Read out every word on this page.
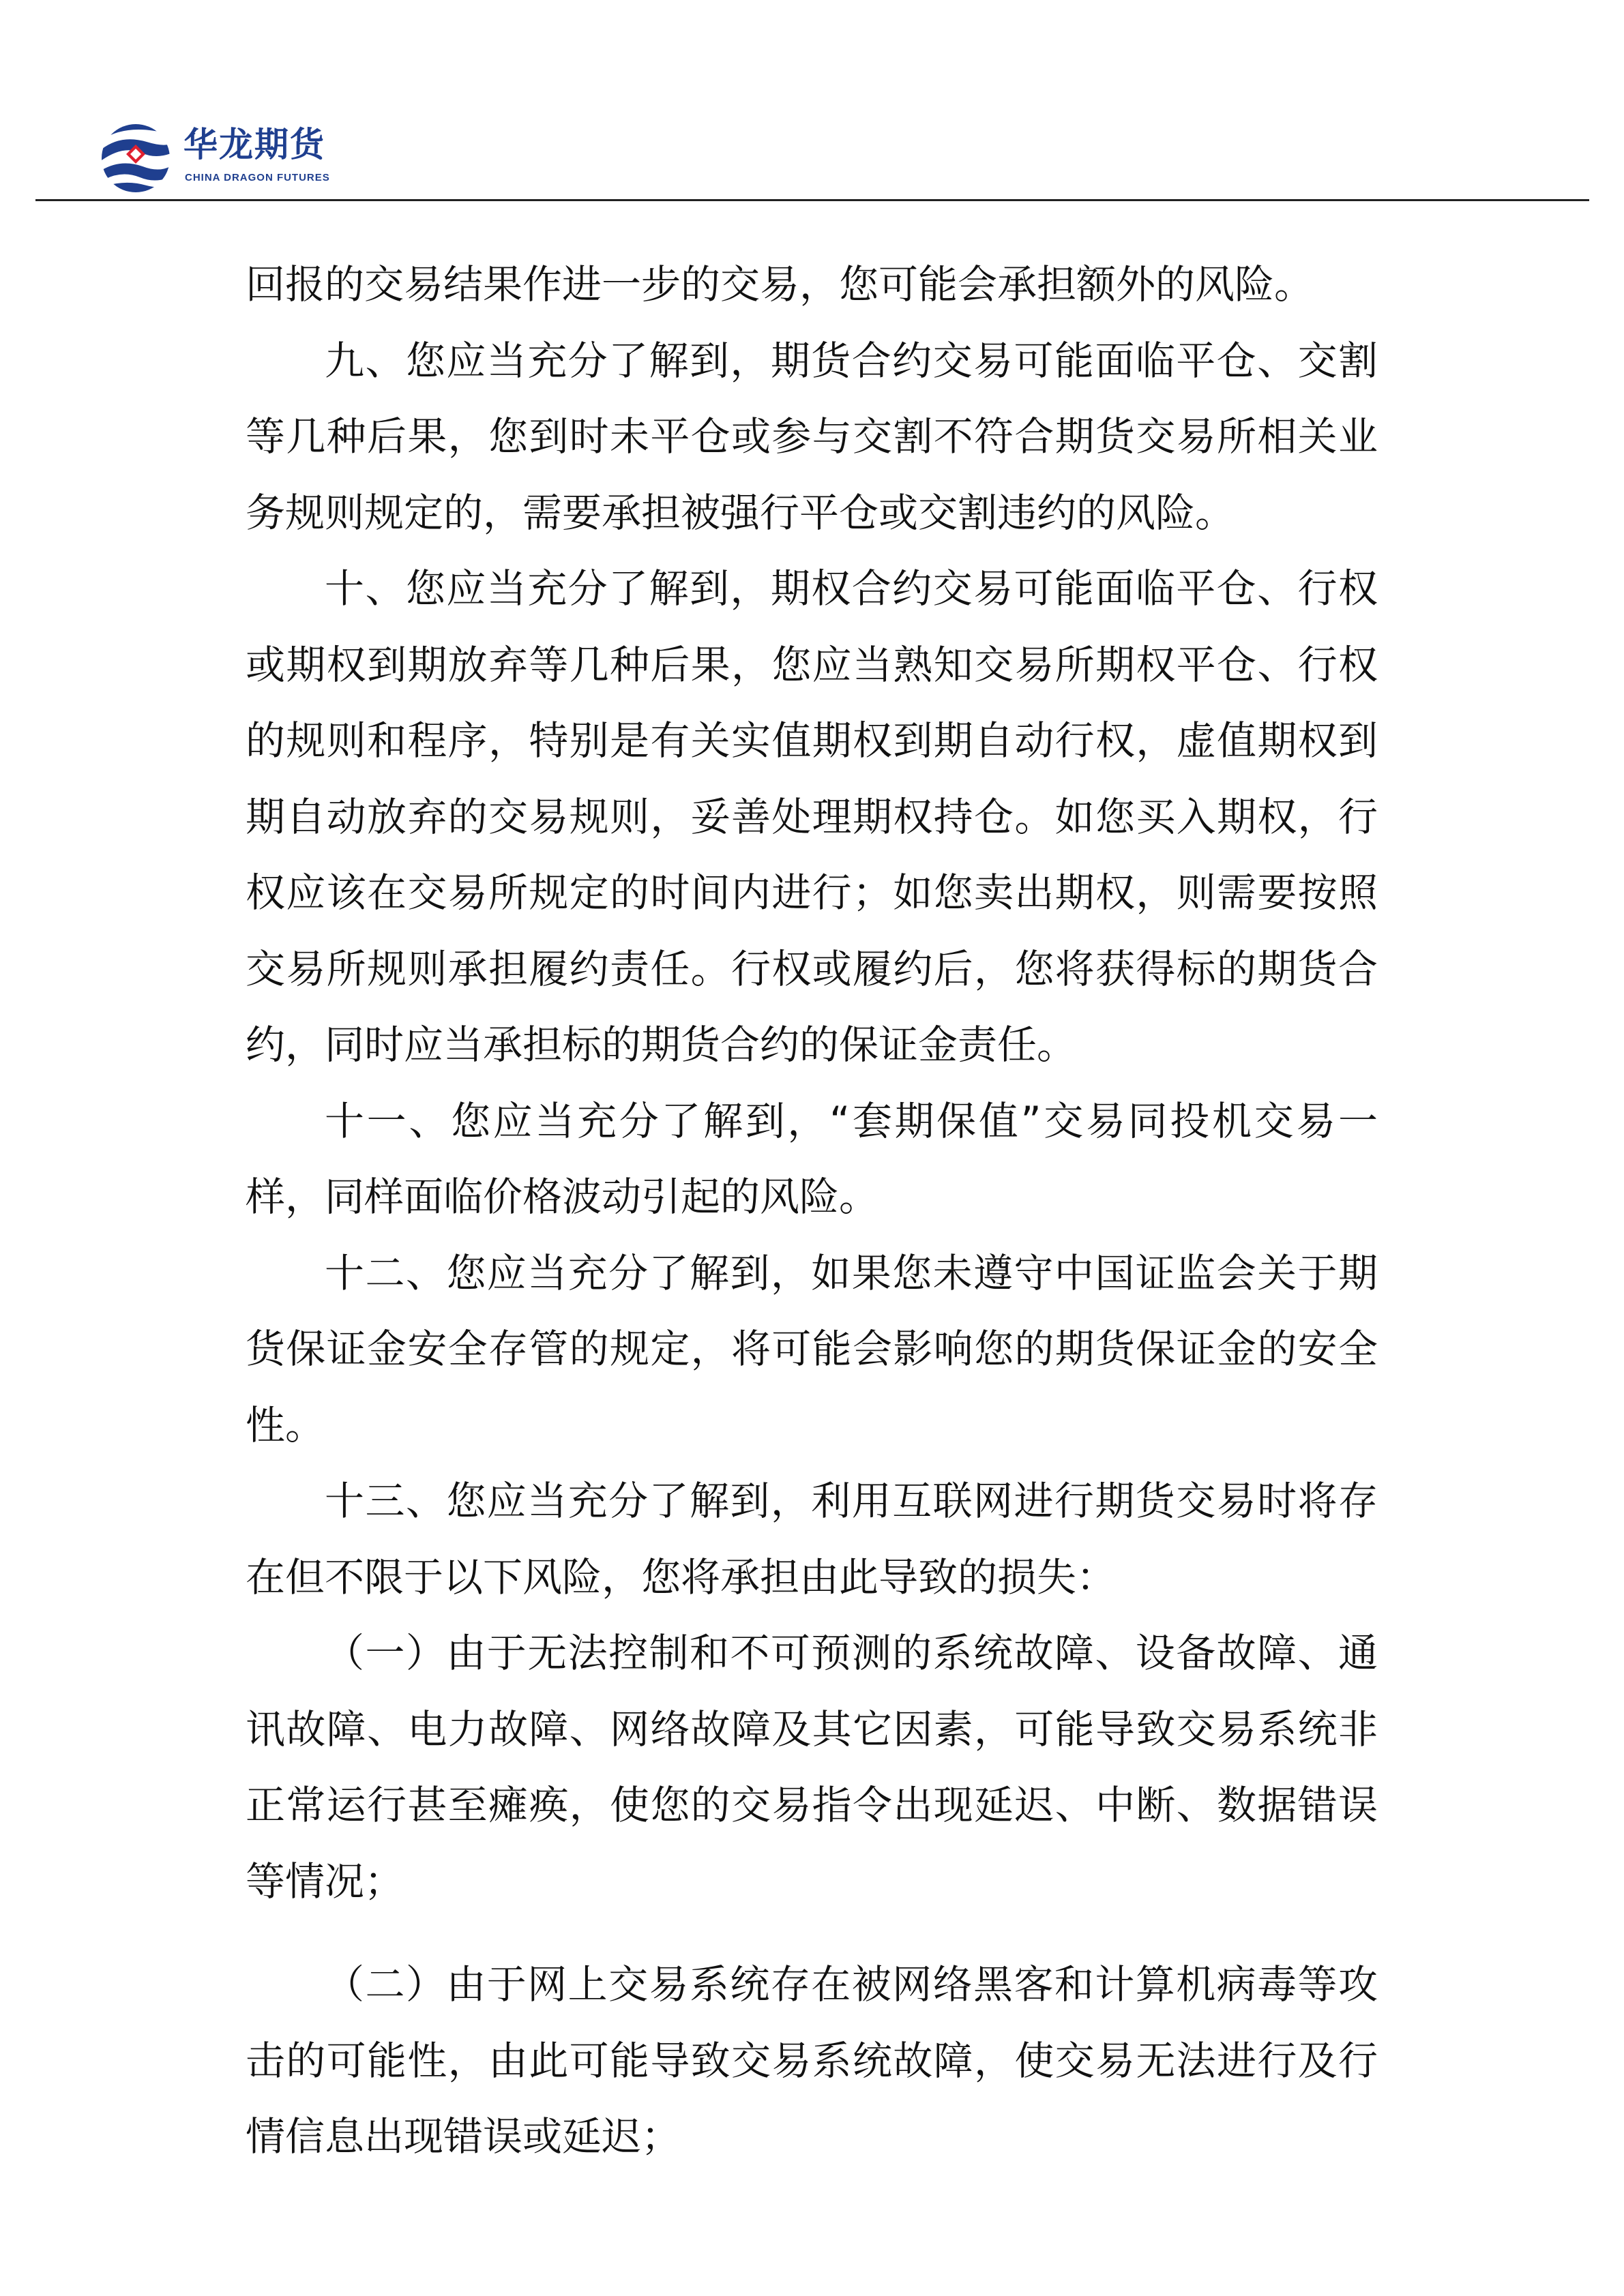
华龙期货
CHINA DRAGON FUTURES

回报的交易结果作进一步的交易，您可能会承担额外的风险。

九、您应当充分了解到，期货合约交易可能面临平仓、交割等几种后果，您到时未平仓或参与交割不符合期货交易所相关业务规则规定的，需要承担被强行平仓或交割违约的风险。

十、您应当充分了解到，期权合约交易可能面临平仓、行权或期权到期放弃等几种后果，您应当熟知交易所期权平仓、行权的规则和程序，特别是有关实值期权到期自动行权，虚值期权到期自动放弃的交易规则，妥善处理期权持仓。如您买入期权，行权应该在交易所规定的时间内进行；如您卖出期权，则需要按照交易所规则承担履约责任。行权或履约后，您将获得标的期货合约，同时应当承担标的期货合约的保证金责任。

十一、您应当充分了解到，“套期保值”交易同投机交易一样，同样面临价格波动引起的风险。

十二、您应当充分了解到，如果您未遵守中国证监会关于期货保证金安全存管的规定，将可能会影响您的期货保证金的安全性。

十三、您应当充分了解到，利用互联网进行期货交易时将存在但不限于以下风险，您将承担由此导致的损失：

（一）由于无法控制和不可预测的系统故障、设备故障、通讯故障、电力故障、网络故障及其它因素，可能导致交易系统非正常运行甚至瘫痪，使您的交易指令出现延迟、中断、数据错误等情况；

（二）由于网上交易系统存在被网络黑客和计算机病毒等攻击的可能性，由此可能导致交易系统故障，使交易无法进行及行情信息出现错误或延迟；
